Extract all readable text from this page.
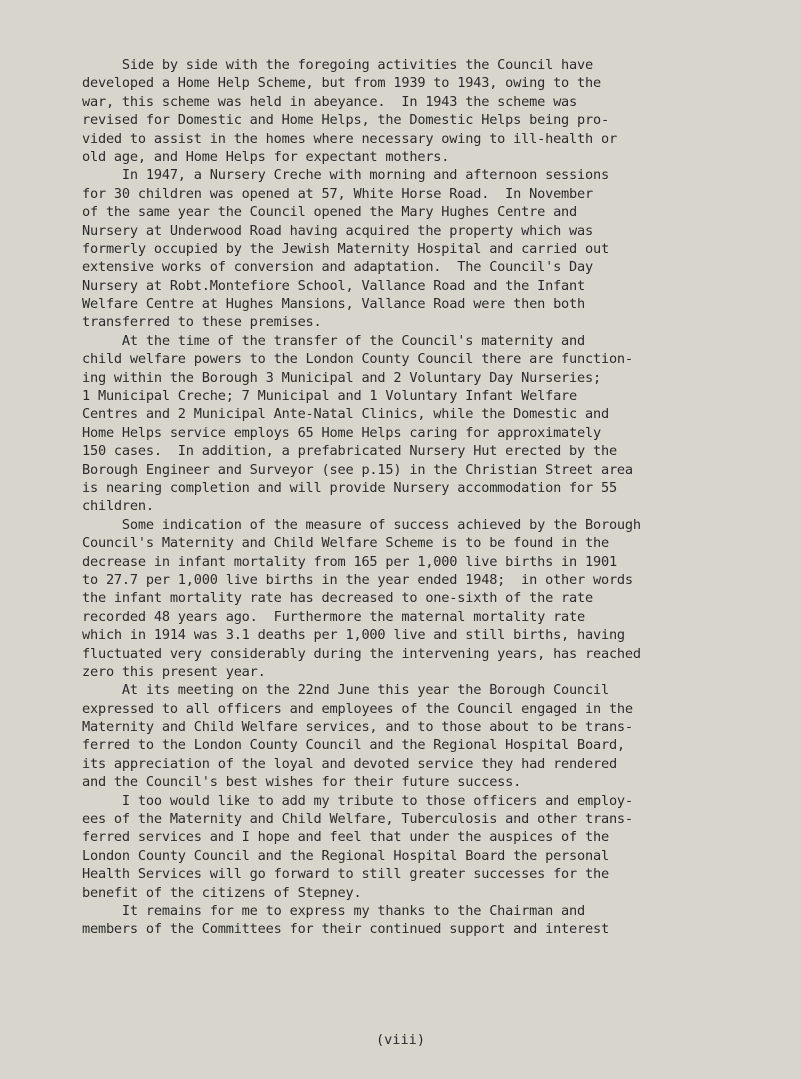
Side by side with the foregoing activities the Council have
developed a Home Help Scheme, but from 1939 to 1943, owing to the
war, this scheme was held in abeyance.  In 1943 the scheme was
revised for Domestic and Home Helps, the Domestic Helps being pro-
vided to assist in the homes where necessary owing to ill-health or
old age, and Home Helps for expectant mothers.
In 1947, a Nursery Creche with morning and afternoon sessions
for 30 children was opened at 57, White Horse Road.  In November
of the same year the Council opened the Mary Hughes Centre and
Nursery at Underwood Road having acquired the property which was
formerly occupied by the Jewish Maternity Hospital and carried out
extensive works of conversion and adaptation.  The Council's Day
Nursery at Robt.Montefiore School, Vallance Road and the Infant
Welfare Centre at Hughes Mansions, Vallance Road were then both
transferred to these premises.
At the time of the transfer of the Council's maternity and
child welfare powers to the London County Council there are function-
ing within the Borough 3 Municipal and 2 Voluntary Day Nurseries;
1 Municipal Creche; 7 Municipal and 1 Voluntary Infant Welfare
Centres and 2 Municipal Ante-Natal Clinics, while the Domestic and
Home Helps service employs 65 Home Helps caring for approximately
150 cases.  In addition, a prefabricated Nursery Hut erected by the
Borough Engineer and Surveyor (see p.15) in the Christian Street area
is nearing completion and will provide Nursery accommodation for 55
children.
Some indication of the measure of success achieved by the Borough
Council's Maternity and Child Welfare Scheme is to be found in the
decrease in infant mortality from 165 per 1,000 live births in 1901
to 27.7 per 1,000 live births in the year ended 1948;  in other words
the infant mortality rate has decreased to one-sixth of the rate
recorded 48 years ago.  Furthermore the maternal mortality rate
which in 1914 was 3.1 deaths per 1,000 live and still births, having
fluctuated very considerably during the intervening years, has reached
zero this present year.
At its meeting on the 22nd June this year the Borough Council
expressed to all officers and employees of the Council engaged in the
Maternity and Child Welfare services, and to those about to be trans-
ferred to the London County Council and the Regional Hospital Board,
its appreciation of the loyal and devoted service they had rendered
and the Council's best wishes for their future success.
I too would like to add my tribute to those officers and employ-
ees of the Maternity and Child Welfare, Tuberculosis and other trans-
ferred services and I hope and feel that under the auspices of the
London County Council and the Regional Hospital Board the personal
Health Services will go forward to still greater successes for the
benefit of the citizens of Stepney.
It remains for me to express my thanks to the Chairman and
members of the Committees for their continued support and interest
(viii)
